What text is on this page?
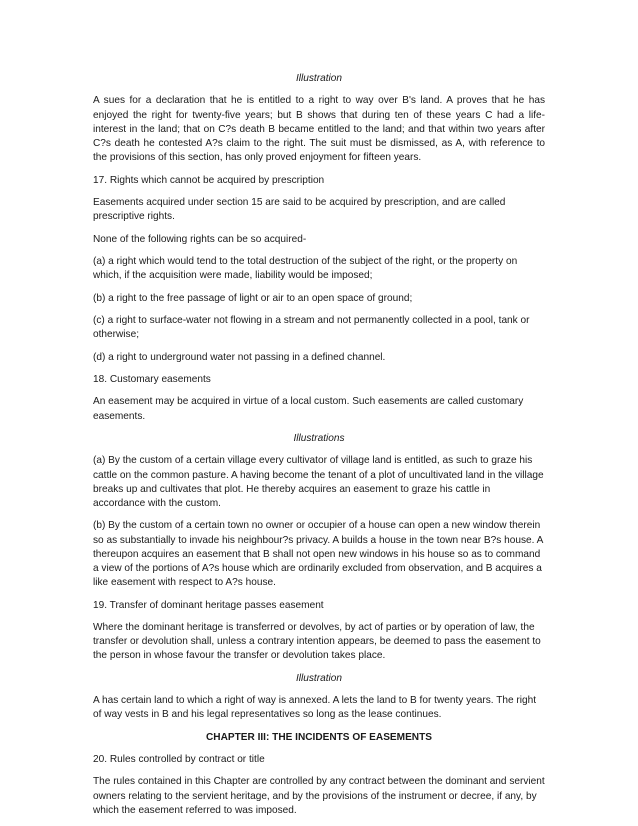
Illustration

A sues for a declaration that he is entitled to a right to way over B's land. A proves that he has enjoyed the right for twenty-five years; but B shows that during ten of these years C had a life-interest in the land; that on C?s death B became entitled to the land; and that within two years after C?s death he contested A?s claim to the right. The suit must be dismissed, as A, with reference to the provisions of this section, has only proved enjoyment for fifteen years.

17. Rights which cannot be acquired by prescription

Easements acquired under section 15 are said to be acquired by prescription, and are called prescriptive rights.

None of the following rights can be so acquired-

(a) a right which would tend to the total destruction of the subject of the right, or the property on which, if the acquisition were made, liability would be imposed;

(b) a right to the free passage of light or air to an open space of ground;

(c) a right to surface-water not flowing in a stream and not permanently collected in a pool, tank or otherwise;

(d) a right to underground water not passing in a defined channel.

18. Customary easements

An easement may be acquired in virtue of a local custom. Such easements are called customary easements.

Illustrations

(a) By the custom of a certain village every cultivator of village land is entitled, as such to graze his cattle on the common pasture. A having become the tenant of a plot of uncultivated land in the village breaks up and cultivates that plot. He thereby acquires an easement to graze his cattle in accordance with the custom.

(b) By the custom of a certain town no owner or occupier of a house can open a new window therein so as substantially to invade his neighbour?s privacy. A builds a house in the town near B?s house. A thereupon acquires an easement that B shall not open new windows in his house so as to command a view of the portions of A?s house which are ordinarily excluded from observation, and B acquires a like easement with respect to A?s house.

19. Transfer of dominant heritage passes easement

Where the dominant heritage is transferred or devolves, by act of parties or by operation of law, the transfer or devolution shall, unless a contrary intention appears, be deemed to pass the easement to the person in whose favour the transfer or devolution takes place.

Illustration

A has certain land to which a right of way is annexed. A lets the land to B for twenty years. The right of way vests in B and his legal representatives so long as the lease continues.

CHAPTER III: THE INCIDENTS OF EASEMENTS

20. Rules controlled by contract or title

The rules contained in this Chapter are controlled by any contract between the dominant and servient owners relating to the servient heritage, and by the provisions of the instrument or decree, if any, by which the easement referred to was imposed.
